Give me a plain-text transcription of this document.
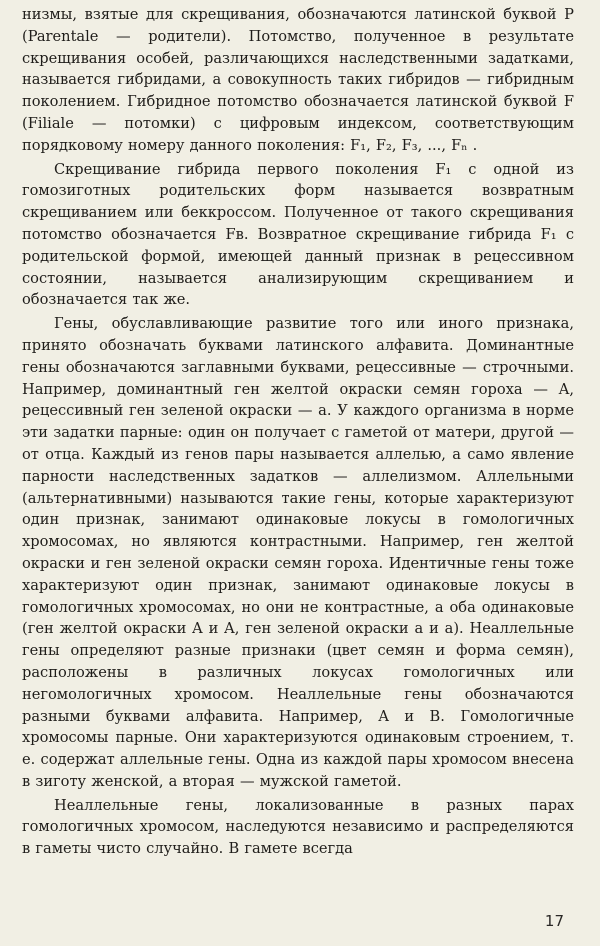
низмы, взятые для скрещивания, обозначаются латинской буквой P (Parentale — родители). Потомство, полученное в результате скрещивания особей, различающихся наследственными задатками, называется гибридами, а совокупность таких гибридов — гибридным поколением. Гибридное потомство обозначается латинской буквой F (Filiale — потомки) с цифровым индексом, соответствующим порядковому номеру данного поколения: F₁, F₂, F₃, ..., Fₙ .

Скрещивание гибрида первого поколения F₁ с одной из гомозиготных родительских форм называется возвратным скрещиванием или беккроссом. Полученное от такого скрещивания потомство обозначается Fв. Возвратное скрещивание гибрида F₁ с родительской формой, имеющей данный признак в рецессивном состоянии, называется анализирующим скрещиванием и обозначается так же.

Гены, обуславливающие развитие того или иного признака, принято обозначать буквами латинского алфавита. Доминантные гены обозначаются заглавными буквами, рецессивные — строчными. Например, доминантный ген желтой окраски семян гороха — A, рецессивный ген зеленой окраски — a. У каждого организма в норме эти задатки парные: один он получает с гаметой от матери, другой — от отца. Каждый из генов пары называется аллелью, а само явление парности наследственных задатков — аллелизмом. Аллельными (альтернативными) называются такие гены, которые характеризуют один признак, занимают одинаковые локусы в гомологичных хромосомах, но являются контрастными. Например, ген желтой окраски и ген зеленой окраски семян гороха. Идентичные гены тоже характеризуют один признак, занимают одинаковые локусы в гомологичных хромосомах, но они не контрастные, а оба одинаковые (ген желтой окраски A и A, ген зеленой окраски a и a). Неаллельные гены определяют разные признаки (цвет семян и форма семян), расположены в различных локусах гомологичных или негомологичных хромосом. Неаллельные гены обозначаются разными буквами алфавита. Например, A и B. Гомологичные хромосомы парные. Они характеризуются одинаковым строением, т. е. содержат аллельные гены. Одна из каждой пары хромосом внесена в зиготу женской, а вторая — мужской гаметой.

Неаллельные гены, локализованные в разных парах гомологичных хромосом, наследуются независимо и распределяются в гаметы чисто случайно. В гамете всегда

17
